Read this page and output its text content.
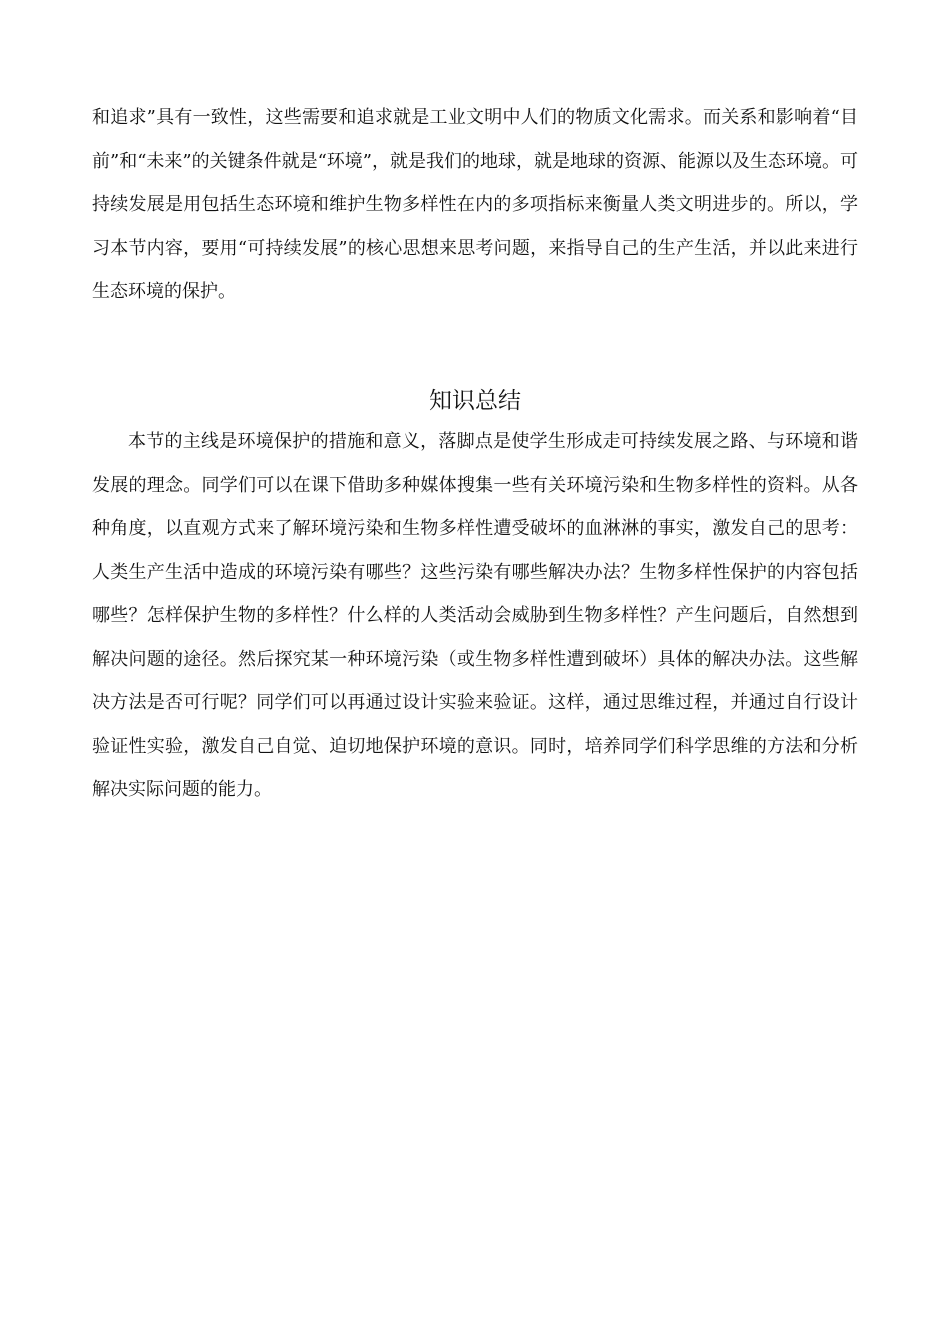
和追求”具有一致性，这些需要和追求就是工业文明中人们的物质文化需求。而关系和影响着“目前”和“未来”的关键条件就是“环境”，就是我们的地球，就是地球的资源、能源以及生态环境。可持续发展是用包括生态环境和维护生物多样性在内的多项指标来衡量人类文明进步的。所以，学习本节内容，要用“可持续发展”的核心思想来思考问题，来指导自己的生产生活，并以此来进行生态环境的保护。

知识总结

本节的主线是环境保护的措施和意义，落脚点是使学生形成走可持续发展之路、与环境和谐发展的理念。同学们可以在课下借助多种媒体搜集一些有关环境污染和生物多样性的资料。从各种角度，以直观方式来了解环境污染和生物多样性遭受破坏的血淋淋的事实，激发自己的思考：人类生产生活中造成的环境污染有哪些？这些污染有哪些解决办法？生物多样性保护的内容包括哪些？怎样保护生物的多样性？什么样的人类活动会威胁到生物多样性？产生问题后，自然想到解决问题的途径。然后探究某一种环境污染（或生物多样性遭到破坏）具体的解决办法。这些解决方法是否可行呢？同学们可以再通过设计实验来验证。这样，通过思维过程，并通过自行设计验证性实验，激发自己自觉、迫切地保护环境的意识。同时，培养同学们科学思维的方法和分析解决实际问题的能力。
